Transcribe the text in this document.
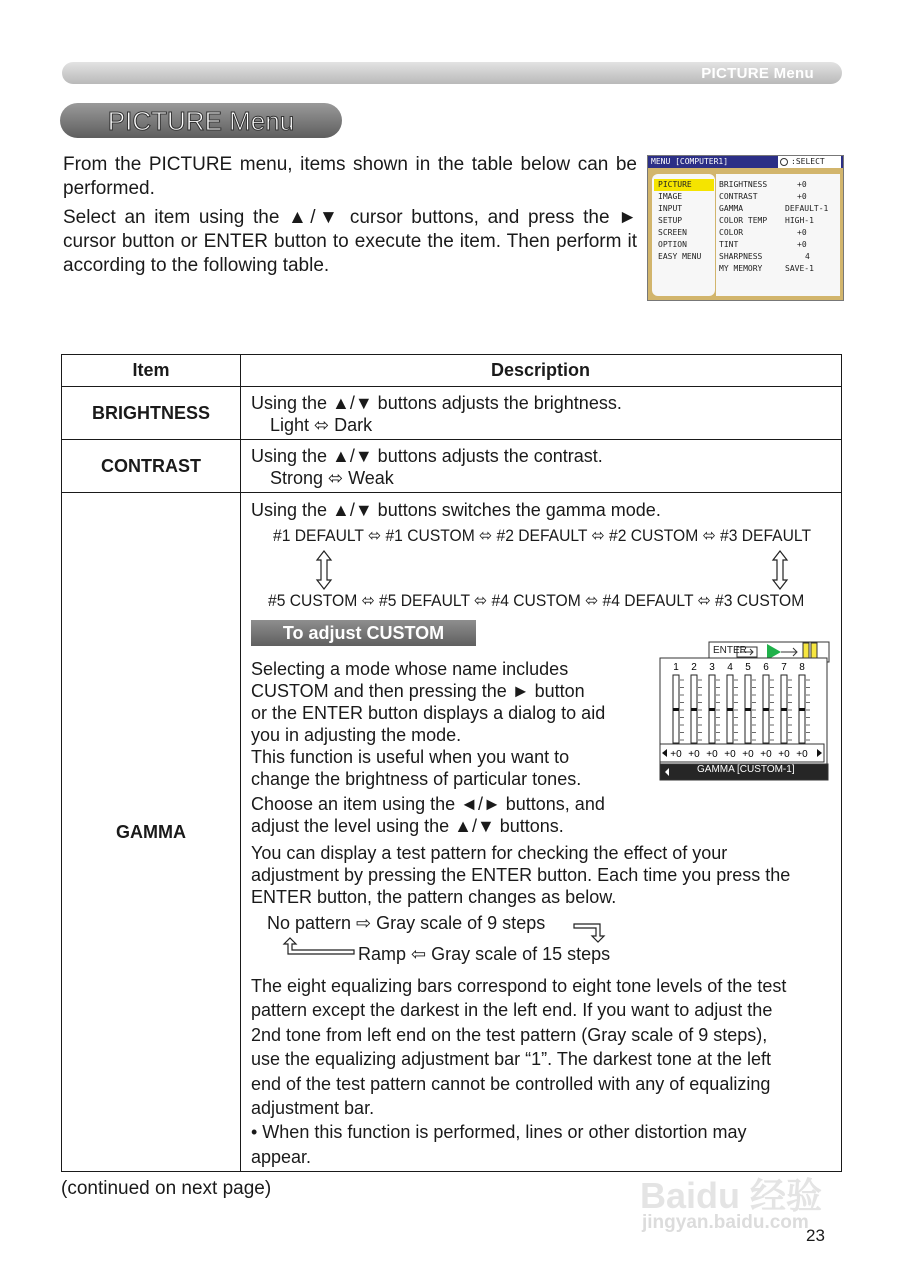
PICTURE Menu
PICTURE Menu
From the PICTURE menu, items shown in the table below can be performed.
Select an item using the ▲/▼ cursor buttons, and press the ► cursor button or ENTER button to execute the item. Then perform it according to the following table.
MENU [COMPUTER1]	:SELECT
PICTURE
IMAGE
INPUT
SETUP
SCREEN
OPTION
EASY MENU
BRIGHTNESS	+0
CONTRAST	+0
GAMMA	DEFAULT-1
COLOR TEMP HIGH-1
COLOR	+0
TINT	+0
SHARPNESS	4
MY MEMORY	SAVE-1
Item	Description
BRIGHTNESS	Using the ▲/▼ buttons adjusts the brightness.
Light ⬄ Dark
CONTRAST	Using the ▲/▼ buttons adjusts the contrast.
Strong ⬄ Weak
GAMMA
Using the ▲/▼ buttons switches the gamma mode.
#1 DEFAULT ⬄ #1 CUSTOM ⬄ #2 DEFAULT ⬄ #2 CUSTOM ⬄ #3 DEFAULT
#5 CUSTOM ⬄ #5 DEFAULT ⬄ #4 CUSTOM ⬄ #4 DEFAULT ⬄ #3 CUSTOM
To adjust CUSTOM
Selecting a mode whose name includes
CUSTOM and then pressing the ► button
or the ENTER button displays a dialog to aid
you in adjusting the mode.
This function is useful when you want to
change the brightness of particular tones.
1
+0
2
+0
3
+0
4
+0
5
+0
6
+0
7
+0
8
+0
GAMMA [CUSTOM-1]
ENTER
Choose an item using the ◄/► buttons, and
adjust the level using the ▲/▼ buttons.
You can display a test pattern for checking the effect of your
adjustment by pressing the ENTER button. Each time you press the
ENTER button, the pattern changes as below.
No pattern ⇨ Gray scale of 9 steps
Ramp ⇦ Gray scale of 15 steps
The eight equalizing bars correspond to eight tone levels of the test
pattern except the darkest in the left end. If you want to adjust the
2nd tone from left end on the test pattern (Gray scale of 9 steps),
use the equalizing adjustment bar “1”. The darkest tone at the left
end of the test pattern cannot be controlled with any of equalizing
adjustment bar.
• When this function is performed, lines or other distortion may
appear.
(continued on next page)
23
Baidu 经验
jingyan.baidu.com
